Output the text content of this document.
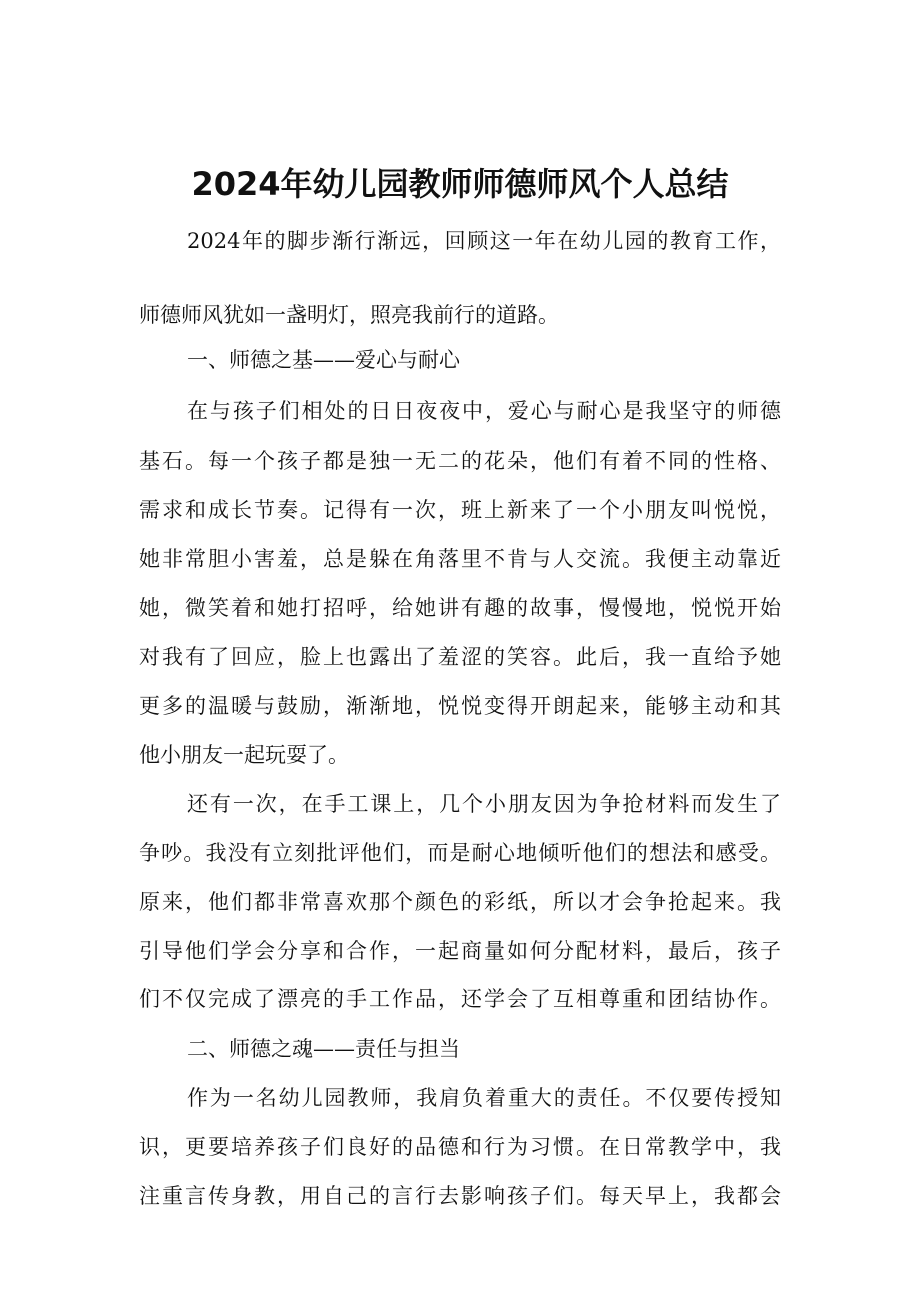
2024年幼儿园教师师德师风个人总结
2024年的脚步渐行渐远，回顾这一年在幼儿园的教育工作，
师德师风犹如一盏明灯，照亮我前行的道路。
一、师德之基——爱心与耐心
在与孩子们相处的日日夜夜中，爱心与耐心是我坚守的师德
基石。每一个孩子都是独一无二的花朵，他们有着不同的性格、
需求和成长节奏。记得有一次，班上新来了一个小朋友叫悦悦，
她非常胆小害羞，总是躲在角落里不肯与人交流。我便主动靠近
她，微笑着和她打招呼，给她讲有趣的故事，慢慢地，悦悦开始
对我有了回应，脸上也露出了羞涩的笑容。此后，我一直给予她
更多的温暖与鼓励，渐渐地，悦悦变得开朗起来，能够主动和其
他小朋友一起玩耍了。
还有一次，在手工课上，几个小朋友因为争抢材料而发生了
争吵。我没有立刻批评他们，而是耐心地倾听他们的想法和感受。
原来，他们都非常喜欢那个颜色的彩纸，所以才会争抢起来。我
引导他们学会分享和合作，一起商量如何分配材料，最后，孩子
们不仅完成了漂亮的手工作品，还学会了互相尊重和团结协作。
二、师德之魂——责任与担当
作为一名幼儿园教师，我肩负着重大的责任。不仅要传授知
识，更要培养孩子们良好的品德和行为习惯。在日常教学中，我
注重言传身教，用自己的言行去影响孩子们。每天早上，我都会
